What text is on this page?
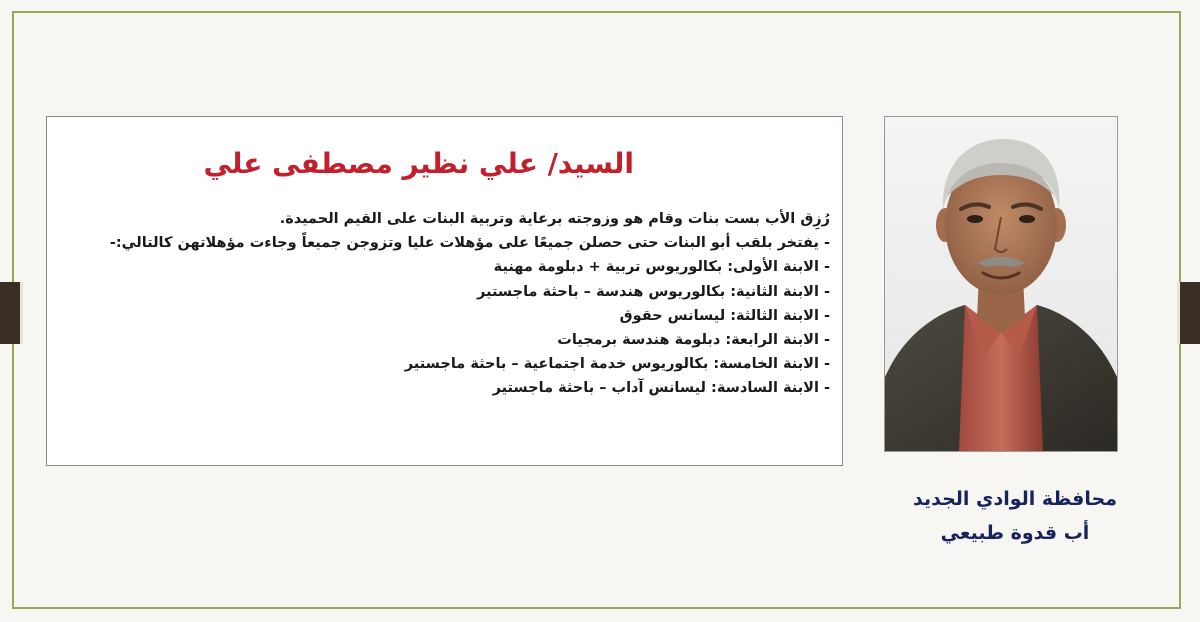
السيد/ علي نظير مصطفى علي
رُزِق الأب بست بنات وقام هو وزوجته برعاية وتربية البنات على القيم الحميدة.
- يفتخر بلقب أبو البنات حتى حصلن جميعًا على مؤهلات عليا وتزوجن جميعاً وجاءت مؤهلاتهن كالتالي:-
- الابنة الأولى: بكالوريوس تربية + دبلومة مهنية
- الابنة الثانية: بكالوريوس هندسة – باحثة ماجستير
- الابنة الثالثة: ليسانس حقوق
- الابنة الرابعة: دبلومة هندسة برمجيات
- الابنة الخامسة: بكالوريوس خدمة اجتماعية – باحثة ماجستير
- الابنة السادسة: ليسانس آداب – باحثة ماجستير
محافظة الوادي الجديد
أب قدوة طبيعي
